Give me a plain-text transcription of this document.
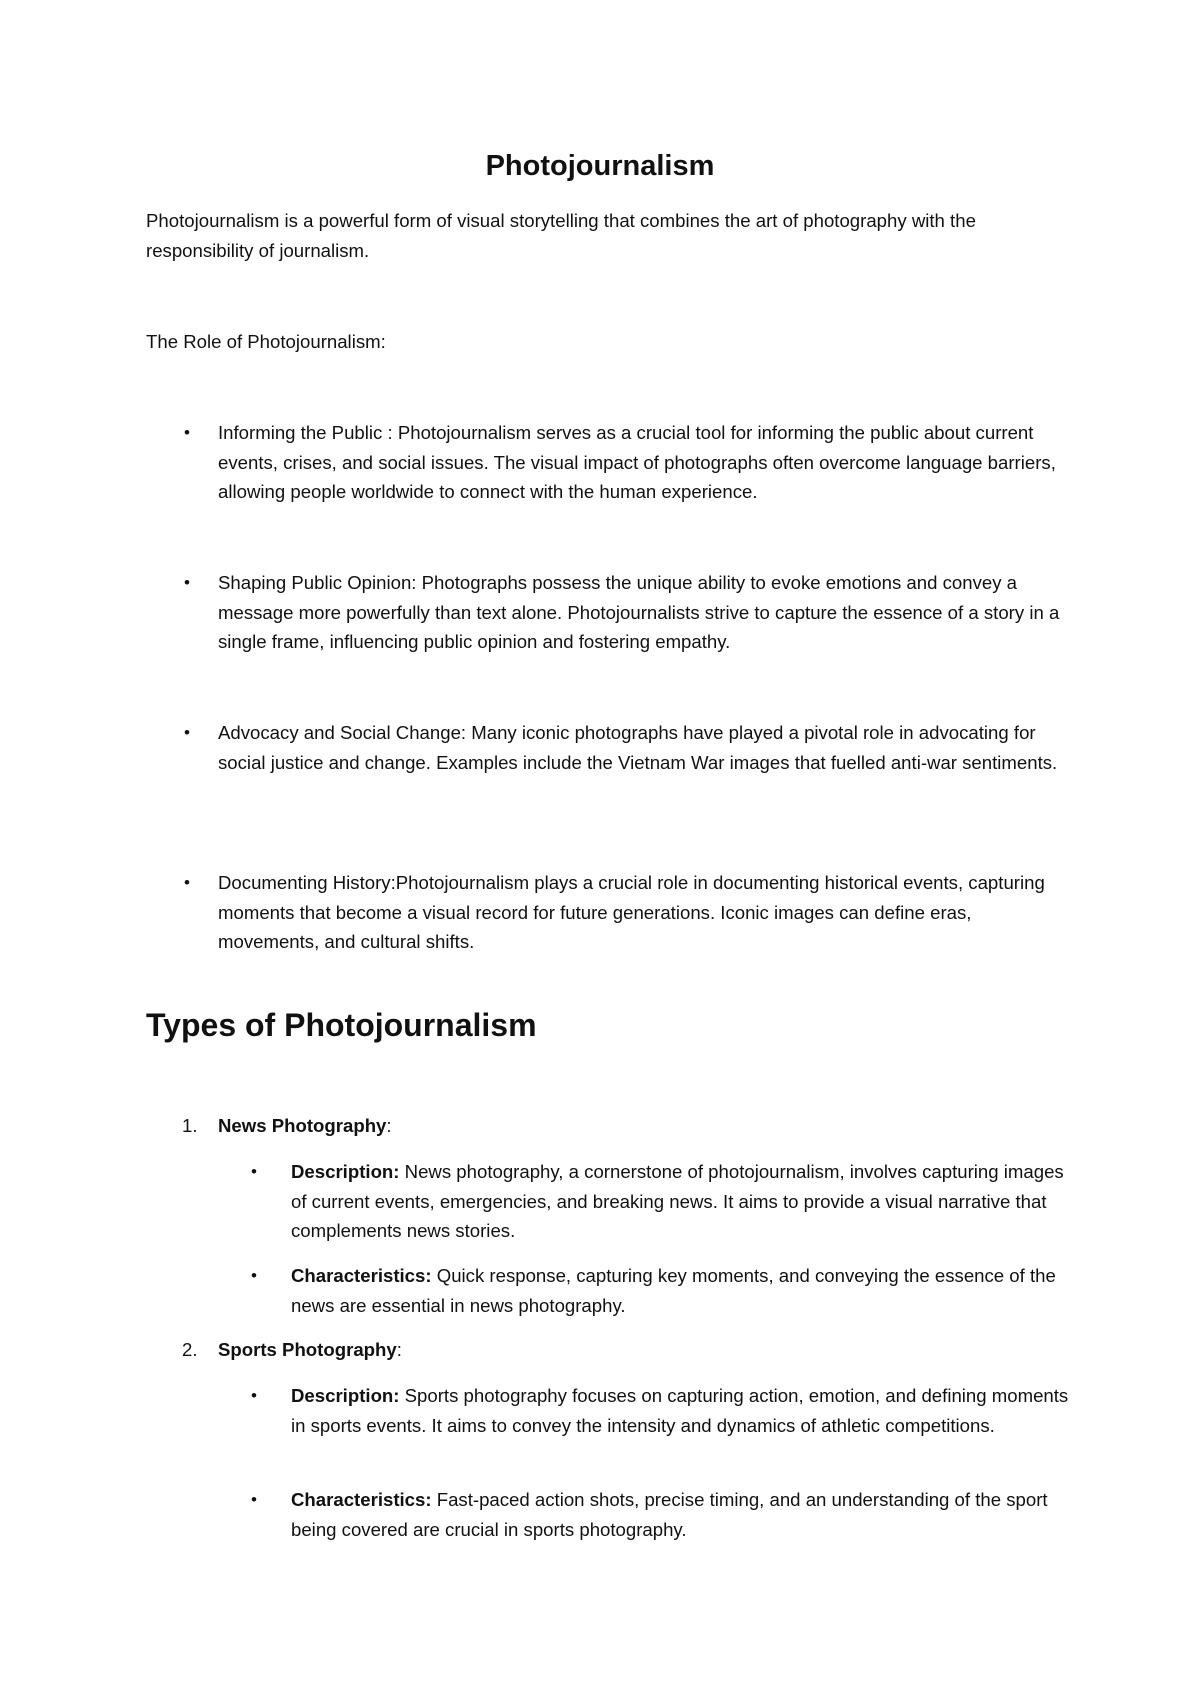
Photojournalism

Photojournalism is a powerful form of visual storytelling that combines the art of photography with the responsibility of journalism.

The Role of Photojournalism:

•	Informing the Public : Photojournalism serves as a crucial tool for informing the public about current events, crises, and social issues. The visual impact of photographs often overcome language barriers, allowing people worldwide to connect with the human experience.
•	Shaping Public Opinion: Photographs possess the unique ability to evoke emotions and convey a message more powerfully than text alone. Photojournalists strive to capture the essence of a story in a single frame, influencing public opinion and fostering empathy.
•	Advocacy and Social Change: Many iconic photographs have played a pivotal role in advocating for social justice and change. Examples include the Vietnam War images that fuelled anti-war sentiments.
•	Documenting History:Photojournalism plays a crucial role in documenting historical events, capturing moments that become a visual record for future generations. Iconic images can define eras, movements, and cultural shifts.
Types of Photojournalism
1. News Photography:
•	Description: News photography, a cornerstone of photojournalism, involves capturing images of current events, emergencies, and breaking news. It aims to provide a visual narrative that complements news stories.
•	Characteristics: Quick response, capturing key moments, and conveying the essence of the news are essential in news photography.
2. Sports Photography:
•	Description: Sports photography focuses on capturing action, emotion, and defining moments in sports events. It aims to convey the intensity and dynamics of athletic competitions.
•	Characteristics: Fast-paced action shots, precise timing, and an understanding of the sport being covered are crucial in sports photography.
